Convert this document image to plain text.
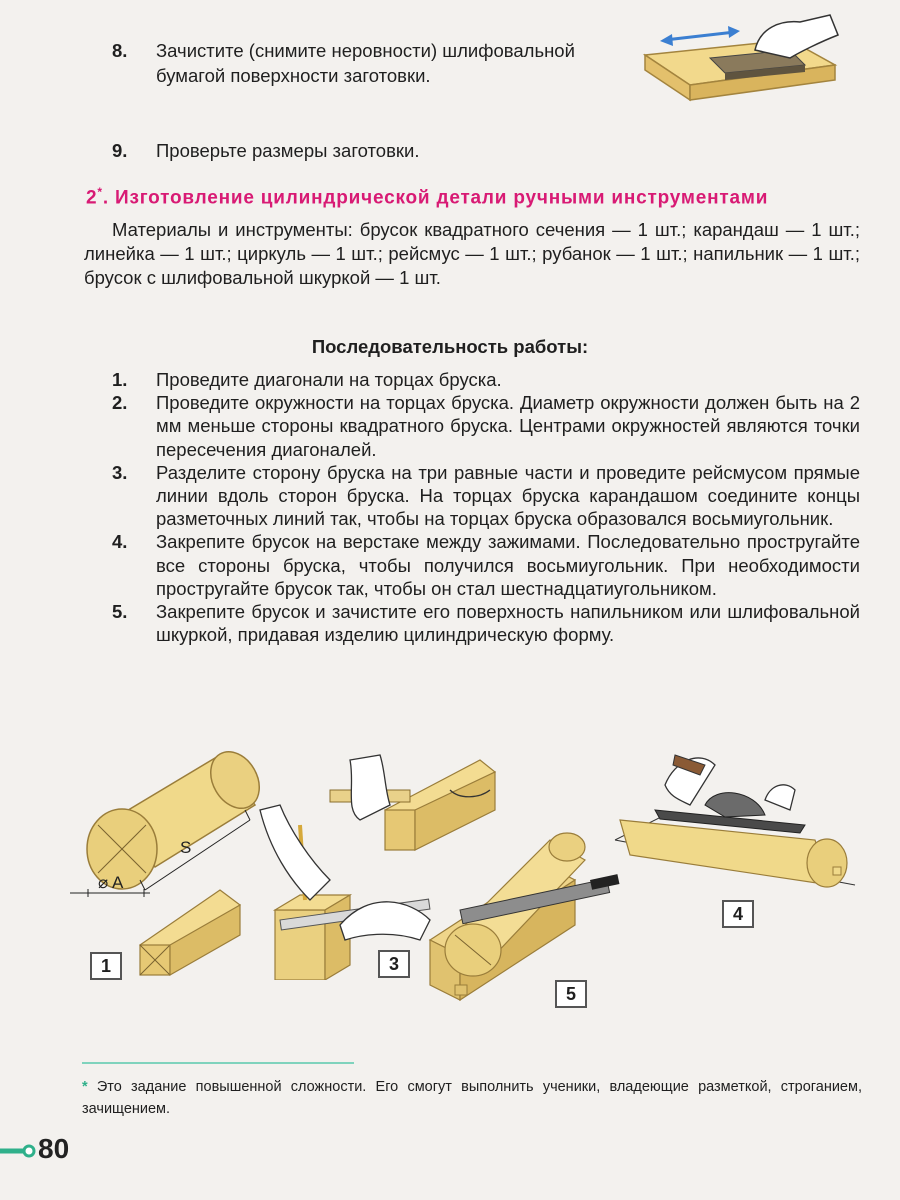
8.	Зачистите (снимите неровности) шлифовальной бумагой поверхности заготовки.
9.	Проверьте размеры заготовки.
2*. Изготовление цилиндрической детали ручными инструментами
Материалы и инструменты: брусок квадратного сечения — 1 шт.; карандаш — 1 шт.; линейка — 1 шт.; циркуль — 1 шт.; рейсмус — 1 шт.; рубанок — 1 шт.; напильник — 1 шт.; брусок с шлифовальной шкуркой — 1 шт.
Последовательность работы:
1.	Проведите диагонали на торцах бруска.
2.	Проведите окружности на торцах бруска. Диаметр окружности должен быть на 2 мм меньше стороны квадратного бруска. Центрами окружностей являются точки пересечения диагоналей.
3.	Разделите сторону бруска на три равные части и проведите рейсмусом прямые линии вдоль сторон бруска. На торцах бруска карандашом соедините концы разметочных линий так, чтобы на торцах бруска образовался восьмиугольник.
4.	Закрепите брусок на верстаке между зажимами. Последовательно простругайте все стороны бруска, чтобы получился восьмиугольник. При необходимости простругайте брусок так, чтобы он стал шестнадцатиугольником.
5.	Закрепите брусок и зачистите его поверхность напильником или шлифовальной шкуркой, придавая изделию цилиндрическую форму.
S
⌀ A
1	3
5
4
* Это задание повышенной сложности. Его смогут выполнить ученики, владеющие разметкой, строганием, зачищением.
80
